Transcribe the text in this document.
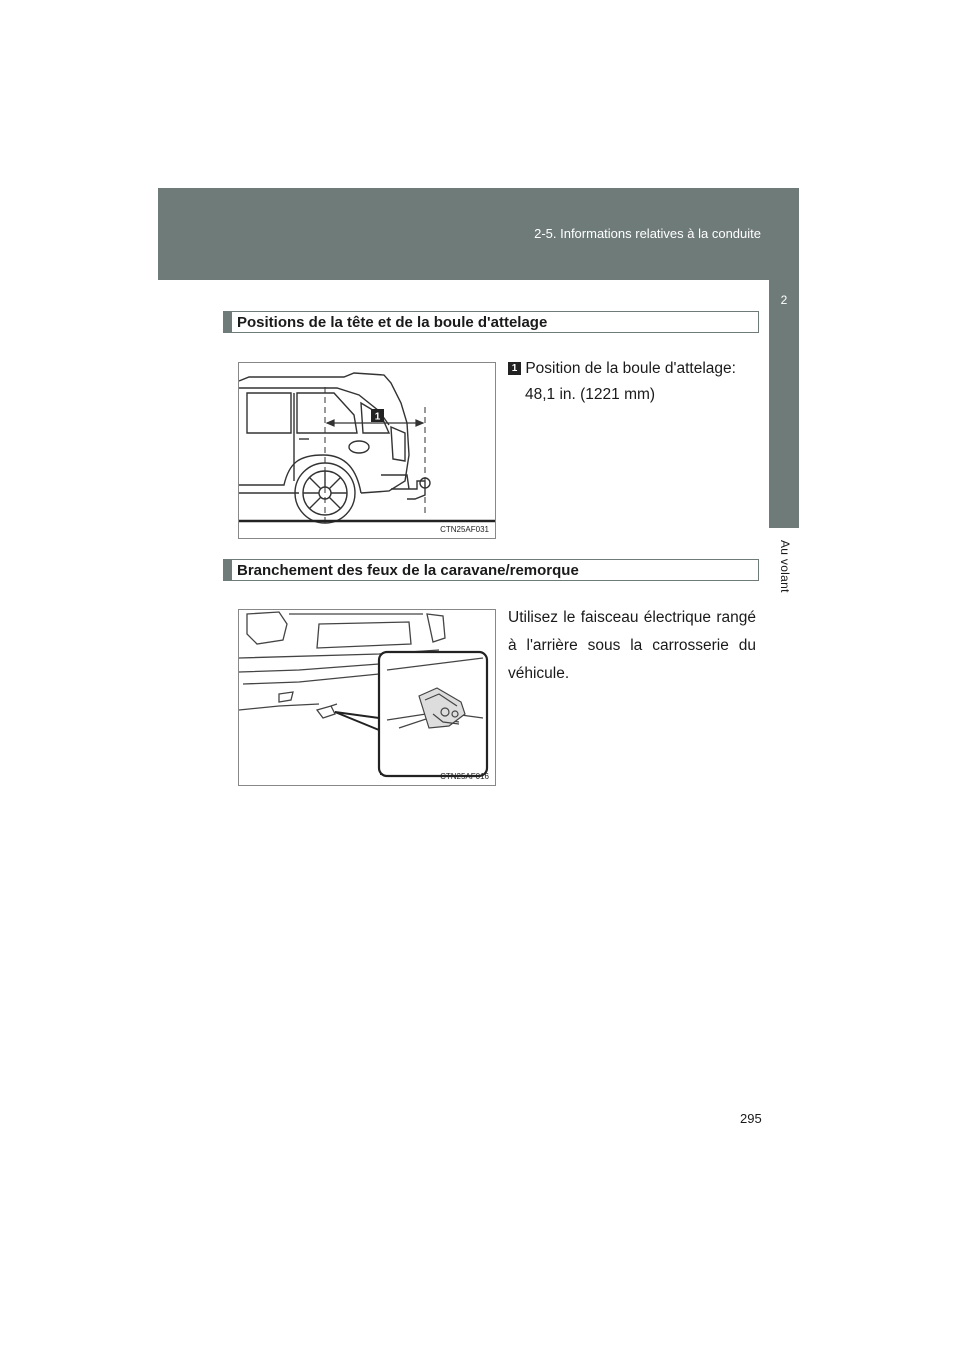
2-5. Informations relatives à la conduite
2
Au volant
Positions de la tête et de la boule d'attelage
1
CTN25AF031
1 Position de la boule d'attelage:
48,1 in. (1221 mm)
Branchement des feux de la caravane/remorque
CTN25AF016
Utilisez le faisceau électrique rangé à l'arrière sous la carrosserie du véhicule.
295
